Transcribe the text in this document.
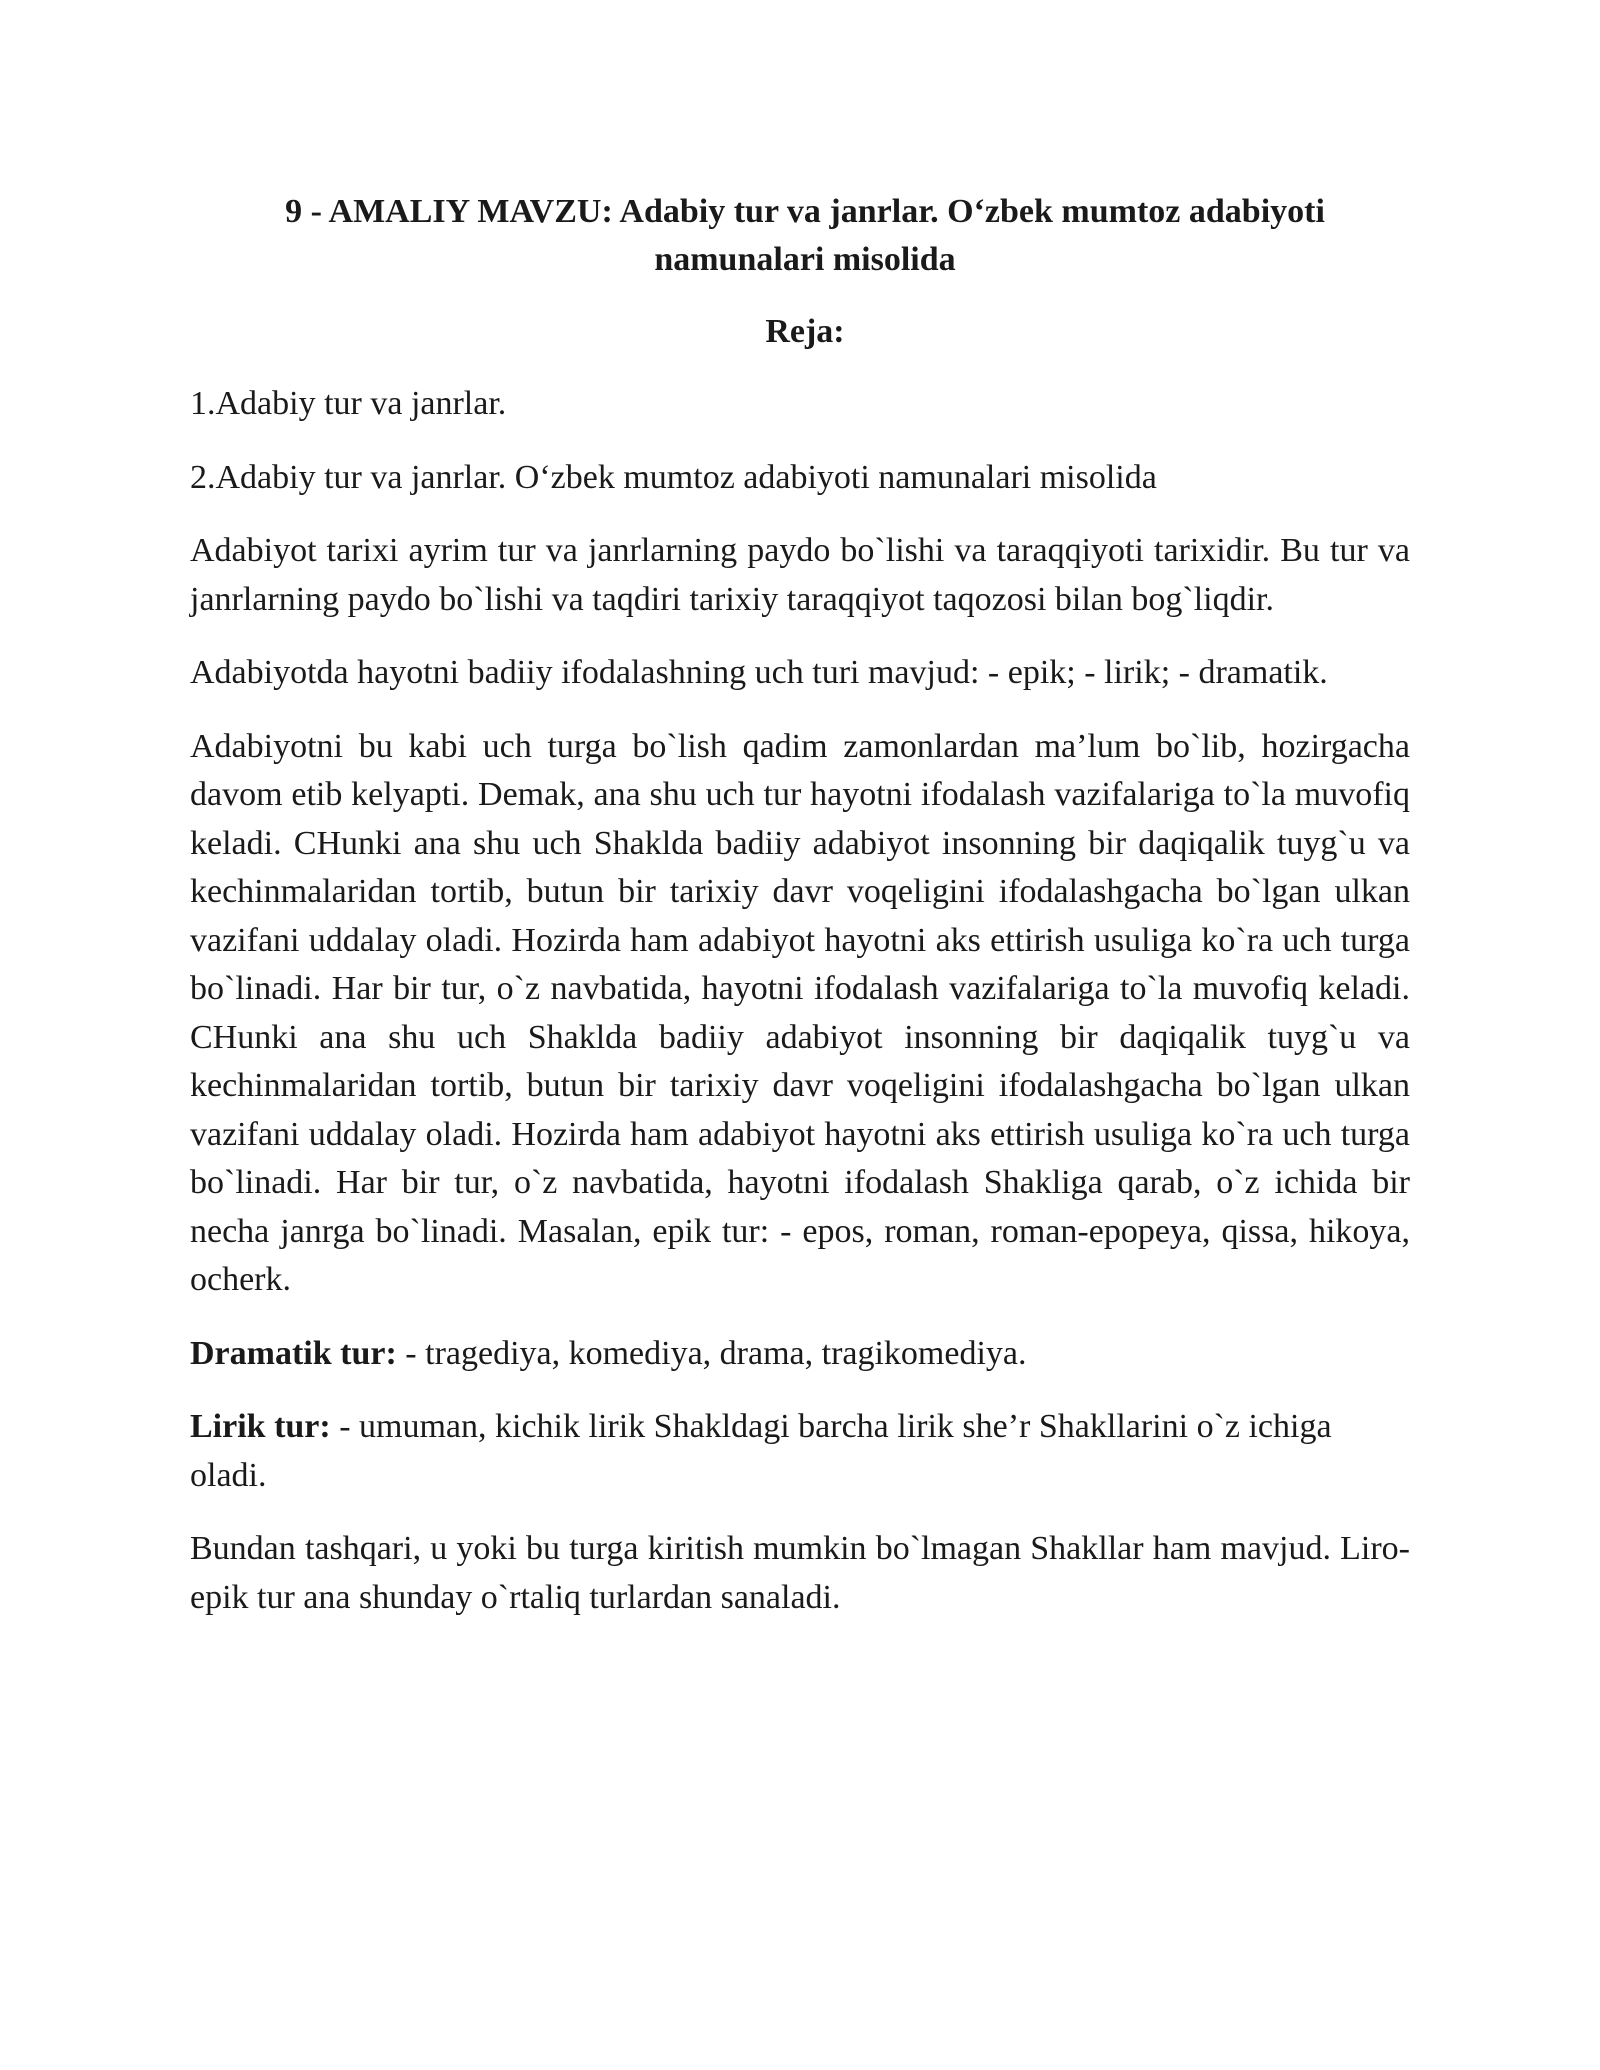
9 - AMALIY MAVZU: Adabiy tur va janrlar. O‘zbek mumtoz adabiyoti namunalari misolida
Reja:
1.Adabiy tur va janrlar.
2.Adabiy tur va janrlar. O‘zbek mumtoz adabiyoti namunalari misolida
Adabiyot tarixi ayrim tur va janrlarning paydo bo`lishi va taraqqiyoti tarixidir. Bu tur va janrlarning paydo bo`lishi va taqdiri tarixiy taraqqiyot taqozosi bilan bog`liqdir.
Adabiyotda hayotni badiiy ifodalashning uch turi mavjud: - epik; - lirik; - dramatik.
Adabiyotni bu kabi uch turga bo`lish qadim zamonlardan ma’lum bo`lib, hozirgacha davom etib kelyapti. Demak, ana shu uch tur hayotni ifodalash vazifalariga to`la muvofiq keladi. CHunki ana shu uch Shaklda badiiy adabiyot insonning bir daqiqalik tuyg`u va kechinmalaridan tortib, butun bir tarixiy davr voqeligini ifodalashgacha bo`lgan ulkan vazifani uddalay oladi. Hozirda ham adabiyot hayotni aks ettirish usuliga ko`ra uch turga bo`linadi. Har bir tur, o`z navbatida, hayotni ifodalash vazifalariga to`la muvofiq keladi. CHunki ana shu uch Shaklda badiiy adabiyot insonning bir daqiqalik tuyg`u va kechinmalaridan tortib, butun bir tarixiy davr voqeligini ifodalashgacha bo`lgan ulkan vazifani uddalay oladi. Hozirda ham adabiyot hayotni aks ettirish usuliga ko`ra uch turga bo`linadi. Har bir tur, o`z navbatida, hayotni ifodalash Shakliga qarab, o`z ichida bir necha janrga bo`linadi. Masalan, epik tur: - epos, roman, roman-epopeya, qissa, hikoya, ocherk.
Dramatik tur: - tragediya, komediya, drama, tragikomediya.
Lirik tur: - umuman, kichik lirik Shakldagi barcha lirik she’r Shakllarini o`z ichiga oladi.
Bundan tashqari, u yoki bu turga kiritish mumkin bo`lmagan Shakllar ham mavjud. Liro-epik tur ana shunday o`rtaliq turlardan sanaladi.
